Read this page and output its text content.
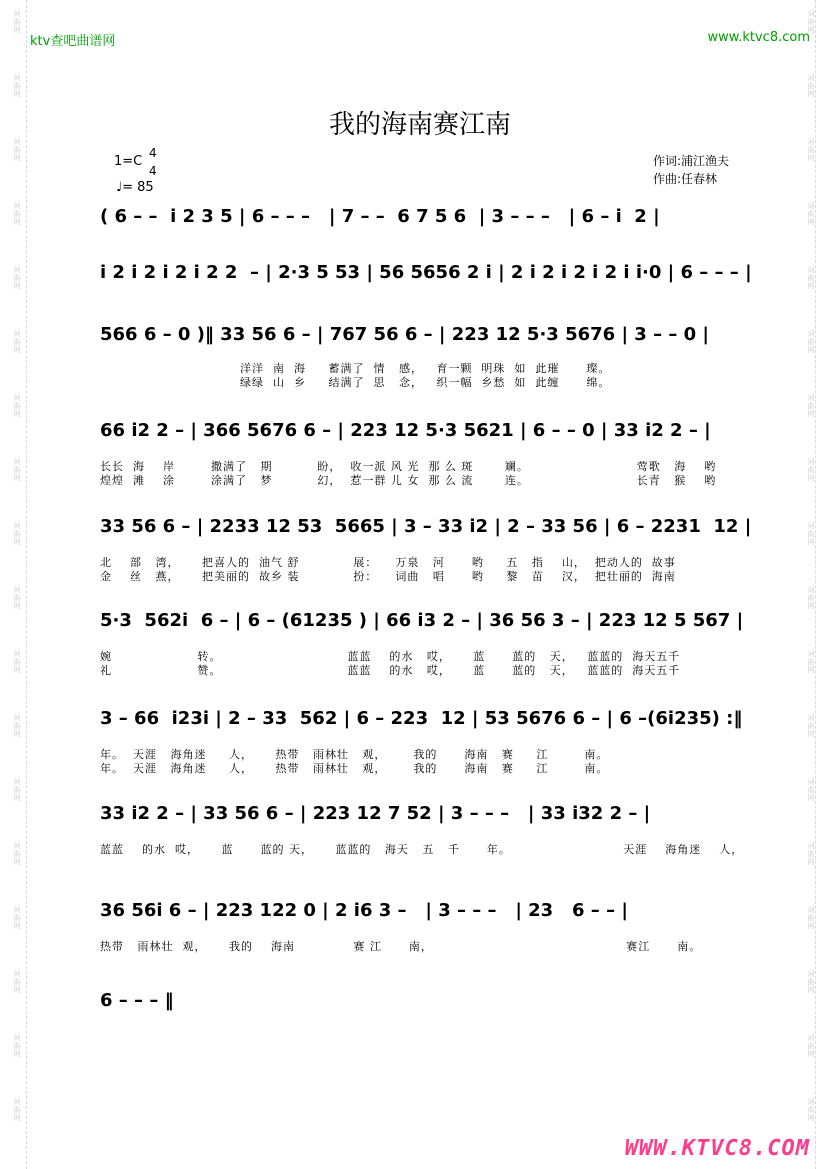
ktv查吧曲谱网	www.ktvc8.com
我的海南赛江南
1=C
4
4
♩= 85
作词:浦江渔夫
作曲:任春林
( 6 – –  i 2 3 5 | 6 – – –   | 7 – –  6 7 5 6  | 3 – – –   | 6 – i  2 |
i 2 i 2 i 2 i 2 2  – | 2·3 5 53 | 56 5656 2 i | 2 i 2 i 2 i 2 i i·0 | 6 – – – |
566 6 – 0 )‖ 33 56 6 – | 767 56 6 – | 223 12 5·3 5676 | 3 – – 0 |
洋洋  南  海     蓄满了  情   感，   育一颗  明珠  如  此璀      璨。
绿绿  山  乡     结满了  思   念，   织一幅  乡愁  如  此缠      绵。
66 i2 2 – | 366 5676 6 – | 223 12 5·3 5621 | 6 – – 0 | 33 i2 2 – |
长长  海    岸        撒满了   期          盼，  收一派 风 光  那 么 斑       斓。                        莺歌   海    哟
煌煌  滩    涂        涂满了   梦          幻，  惹一群 儿 女  那 么 流       连。                        长青   猴    哟
33 56 6 – | 2233 12 53  5665 | 3 – 33 i2 | 2 – 33 56 | 6 – 2231  12 |
北    部   湾，     把喜人的  油气 舒            展：    万泉   河      哟     五   指    山，  把动人的  故事
金    丝   燕，     把美丽的  故乡 装            扮：    词曲   唱      哟     黎   苗    汉，  把壮丽的  海南
5·3  562i  6 – | 6 – (61235 ) | 66 i3 2 – | 36 56 3 – | 223 12 5 567 |
婉                   转。                            蓝蓝    的水   哎，     蓝      蓝的   天，   蓝蓝的  海天五千
礼                   赞。                            蓝蓝    的水   哎，     蓝      蓝的   天，   蓝蓝的  海天五千
3 – 66  i23i | 2 – 33  562 | 6 – 223  12 | 53 5676 6 – | 6 –(6i235) :‖
年。  天涯   海角迷     人，     热带   雨林壮   观，      我的      海南   赛     江        南。
年。  天涯   海角迷     人，     热带   雨林壮   观，      我的      海南   赛     江        南。
33 i2 2 – | 33 56 6 – | 223 12 7 52 | 3 – – –   | 33 i32 2 – |
蓝蓝    的水  哎，     蓝      蓝的 天，     蓝蓝的   海天   五   千      年。                         天涯    海角迷    人，
36 56i 6 – | 223 122 0 | 2 i6 3 –   | 3 – – –   | 23   6 – – |
热带   雨林壮  观，     我的    海南             赛 江      南，                                           赛江      南。
6 – – – ‖
WWW.KTVC8.COM
词曲网
词曲网
词曲网
词曲网
词曲网
词曲网
词曲网
词曲网
词曲网
词曲网
词曲网
词曲网
词曲网
词曲网
词曲网
词曲网
词曲网
词曲网
词曲网
词曲网
词曲网
词曲网
词曲网
词曲网
词曲网
词曲网
词曲网
词曲网
词曲网
词曲网
词曲网
词曲网
词曲网
词曲网
词曲网
词曲网
